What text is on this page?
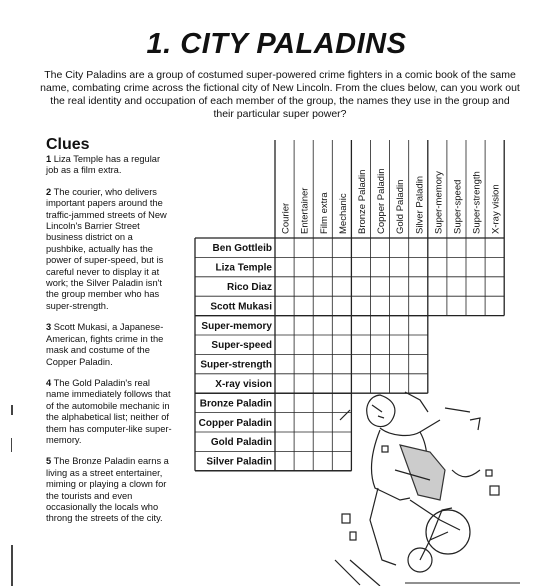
1. CITY PALADINS
The City Paladins are a group of costumed super-powered crime fighters in a comic book of the same name, combating crime across the fictional city of New Lincoln. From the clues below, can you work out the real identity and occupation of each member of the group, the names they use in the group and their particular super power?
Clues

1 Liza Temple has a regular job as a film extra.

2 The courier, who delivers important papers around the traffic-jammed streets of New Lincoln's Barrier Street business district on a pushbike, actually has the power of super-speed, but is careful never to display it at work; the Silver Paladin isn't the group member who has super-strength.

3 Scott Mukasi, a Japanese-American, fights crime in the mask and costume of the Copper Paladin.

4 The Gold Paladin's real name immediately follows that of the automobile mechanic in the alphabetical list; neither of them has computer-like super-memory.

5 The Bronze Paladin earns a living as a street entertainer, miming or playing a clown for the tourists and even occasionally the locals who throng the streets of the city.

Courier Entertainer Film extra Mechanic Bronze Paladin Copper Paladin Gold Paladin Silver Paladin Super-memory Super-speed Super-strength X-ray vision
Ben Gottleib
Liza Temple
Rico Diaz
Scott Mukasi
Super-memory
Super-speed
Super-strength
X-ray vision
Bronze Paladin
Copper Paladin
Gold Paladin
Silver Paladin
